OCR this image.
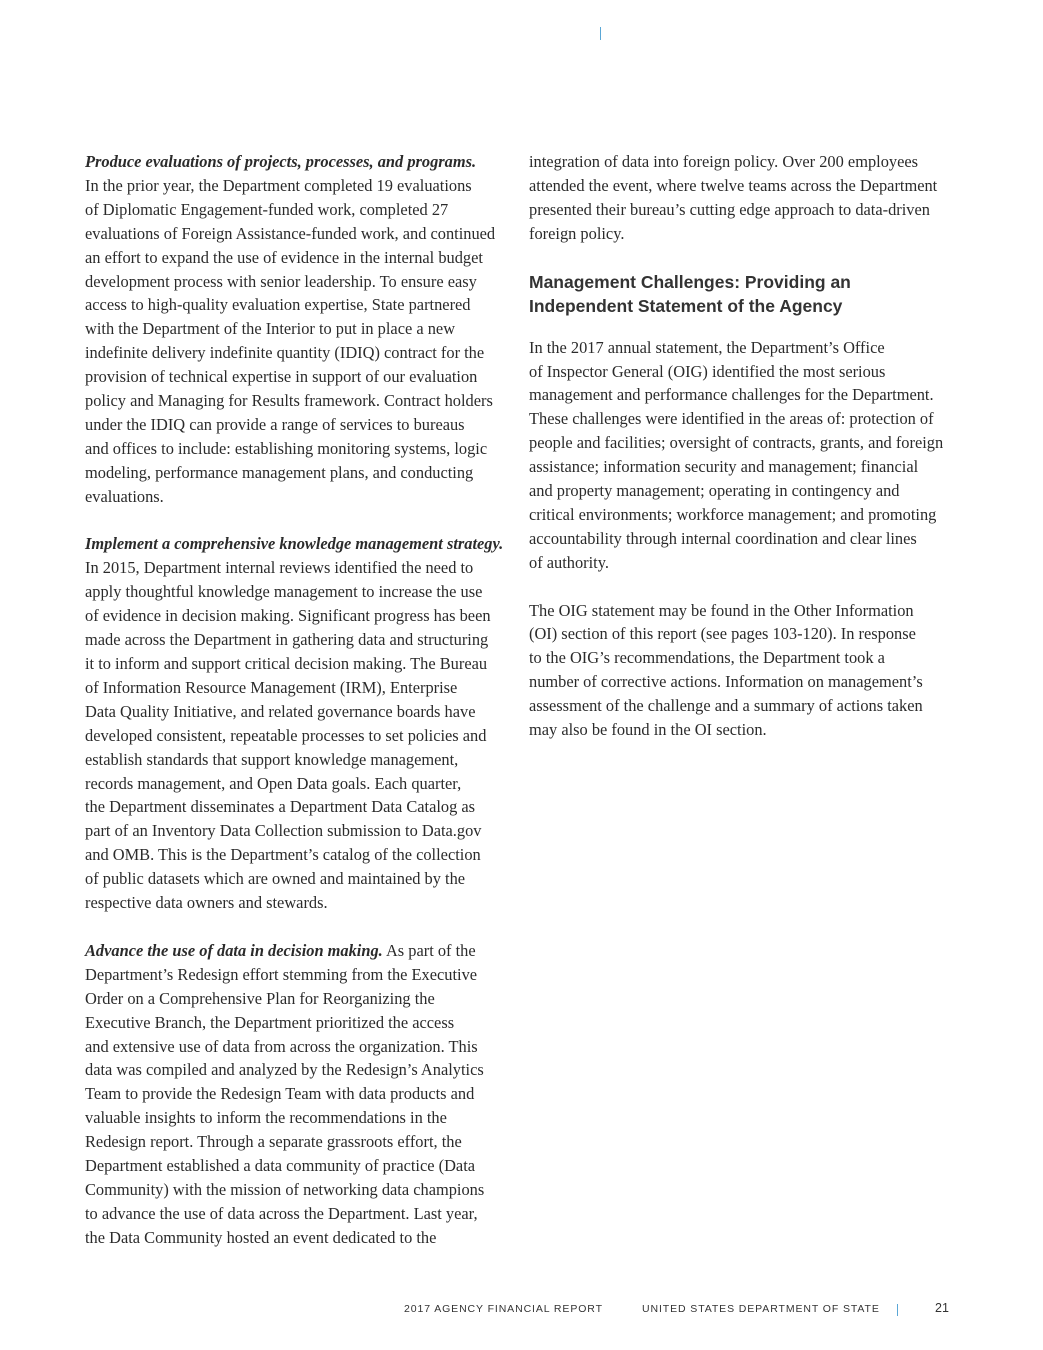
Produce evaluations of projects, processes, and programs.
In the prior year, the Department completed 19 evaluations
of Diplomatic Engagement-funded work, completed 27
evaluations of Foreign Assistance-funded work, and continued
an effort to expand the use of evidence in the internal budget
development process with senior leadership. To ensure easy
access to high-quality evaluation expertise, State partnered
with the Department of the Interior to put in place a new
indefinite delivery indefinite quantity (IDIQ) contract for the
provision of technical expertise in support of our evaluation
policy and Managing for Results framework. Contract holders
under the IDIQ can provide a range of services to bureaus
and offices to include: establishing monitoring systems, logic
modeling, performance management plans, and conducting
evaluations.
Implement a comprehensive knowledge management strategy.
In 2015, Department internal reviews identified the need to
apply thoughtful knowledge management to increase the use
of evidence in decision making. Significant progress has been
made across the Department in gathering data and structuring
it to inform and support critical decision making. The Bureau
of Information Resource Management (IRM), Enterprise
Data Quality Initiative, and related governance boards have
developed consistent, repeatable processes to set policies and
establish standards that support knowledge management,
records management, and Open Data goals. Each quarter,
the Department disseminates a Department Data Catalog as
part of an Inventory Data Collection submission to Data.gov
and OMB. This is the Department’s catalog of the collection
of public datasets which are owned and maintained by the
respective data owners and stewards.
Advance the use of data in decision making. As part of the
Department’s Redesign effort stemming from the Executive
Order on a Comprehensive Plan for Reorganizing the
Executive Branch, the Department prioritized the access
and extensive use of data from across the organization. This
data was compiled and analyzed by the Redesign’s Analytics
Team to provide the Redesign Team with data products and
valuable insights to inform the recommendations in the
Redesign report. Through a separate grassroots effort, the
Department established a data community of practice (Data
Community) with the mission of networking data champions
to advance the use of data across the Department. Last year,
the Data Community hosted an event dedicated to the
integration of data into foreign policy. Over 200 employees
attended the event, where twelve teams across the Department
presented their bureau’s cutting edge approach to data-driven
foreign policy.
Management Challenges: Providing an
Independent Statement of the Agency
In the 2017 annual statement, the Department’s Office
of Inspector General (OIG) identified the most serious
management and performance challenges for the Department.
These challenges were identified in the areas of: protection of
people and facilities; oversight of contracts, grants, and foreign
assistance; information security and management; financial
and property management; operating in contingency and
critical environments; workforce management; and promoting
accountability through internal coordination and clear lines
of authority.
The OIG statement may be found in the Other Information
(OI) section of this report (see pages 103-120). In response
to the OIG’s recommendations, the Department took a
number of corrective actions. Information on management’s
assessment of the challenge and a summary of actions taken
may also be found in the OI section.
2017 AGENCY FINANCIAL REPORT	UNITED STATES DEPARTMENT OF STATE	21
